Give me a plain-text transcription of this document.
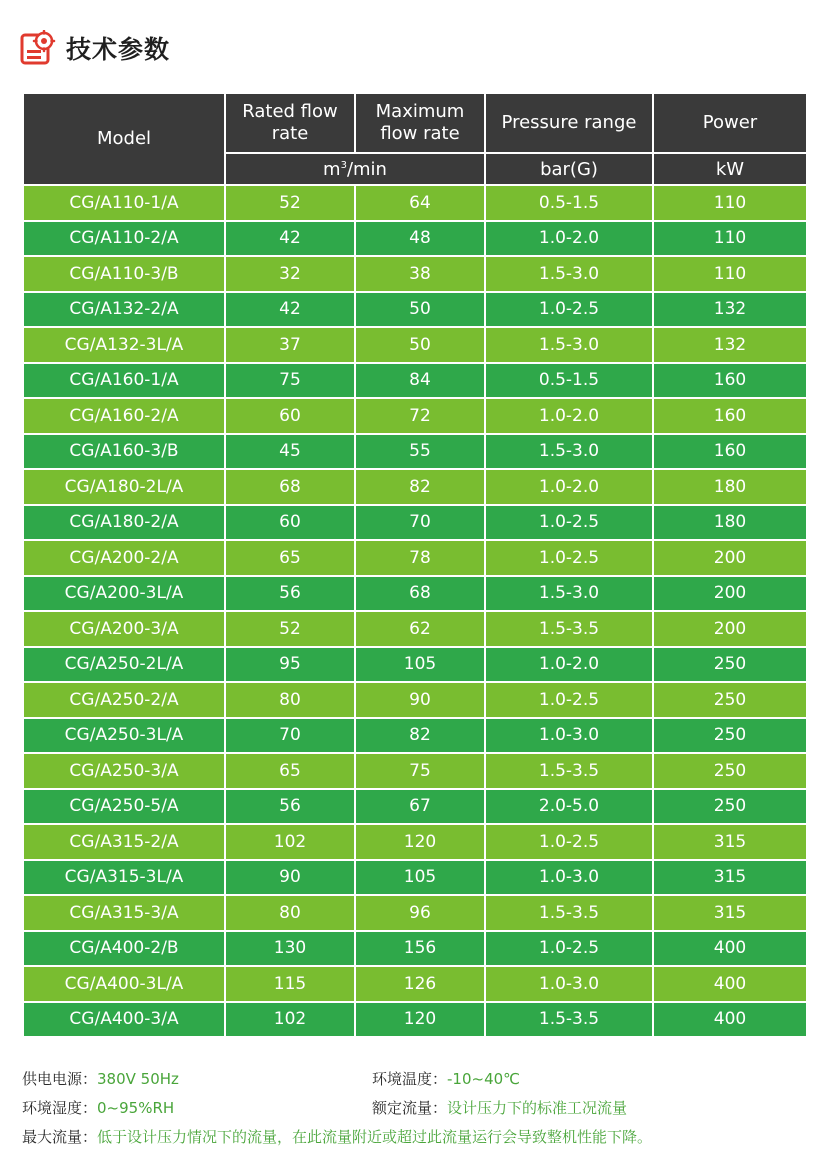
技术参数
Model	Rated flow rate	Maximum flow rate	Pressure range	Power
	$m^3/\min$		bar(G)	kW
CG/A110-1/A	52	64	0.5-1.5	110
CG/A110-2/A	42	48	1.0-2.0	110
CG/A110-3/B	32	38	1.5-3.0	110
CG/A132-2/A	42	50	1.0-2.5	132
CG/A132-3L/A	37	50	1.5-3.0	132
CG/A160-1/A	75	84	0.5-1.5	160
CG/A160-2/A	60	72	1.0-2.0	160
CG/A160-3/B	45	55	1.5-3.0	160
CG/A180-2L/A	68	82	1.0-2.0	180
CG/A180-2/A	60	70	1.0-2.5	180
CG/A200-2/A	65	78	1.0-2.5	200
CG/A200-3L/A	56	68	1.5-3.0	200
CG/A200-3/A	52	62	1.5-3.5	200
CG/A250-2L/A	95	105	1.0-2.0	250
CG/A250-2/A	80	90	1.0-2.5	250
CG/A250-3L/A	70	82	1.0-3.0	250
CG/A250-3/A	65	75	1.5-3.5	250
CG/A250-5/A	56	67	2.0-5.0	250
CG/A315-2/A	102	120	1.0-2.5	315
CG/A315-3L/A	90	105	1.0-3.0	315
CG/A315-3/A	80	96	1.5-3.5	315
CG/A400-2/B	130	156	1.0-2.5	400
CG/A400-3L/A	115	126	1.0-3.0	400
CG/A400-3/A	102	120	1.5-3.5	400
供电电源：380V 50Hz	环境温度：-10~40℃
环境湿度：0~95%RH	额定流量：设计压力下的标准工况流量
最大流量：低于设计压力情况下的流量，在此流量附近或超过此流量运行会导致整机性能下降。
